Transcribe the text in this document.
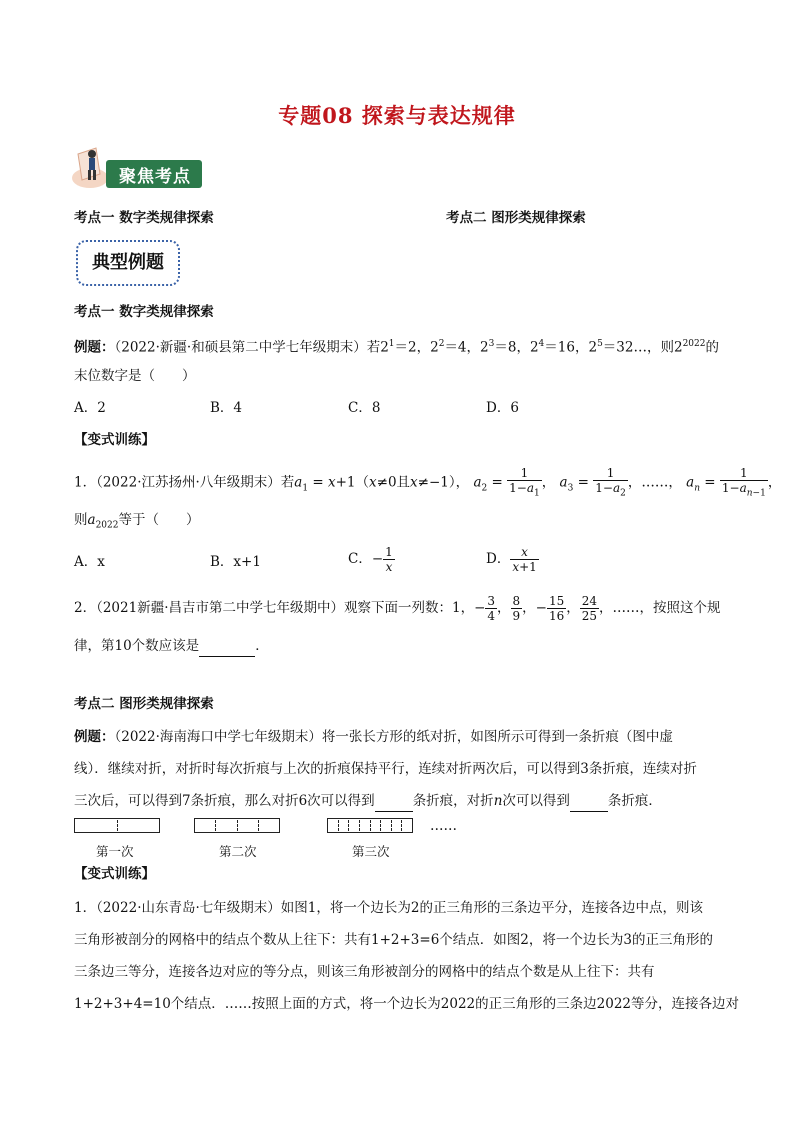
专题08 探索与表达规律
聚焦考点
考点一 数字类规律探索	考点二 图形类规律探索
典型例题
考点一 数字类规律探索
例题：（2022·新疆·和硕县第二中学七年级期末）若$2^1=2$，$2^2=4$，$2^3=8$，$2^4=16$，$2^5=32\dots$，则$2^{2022}$的
末位数字是（　　）
A．2	B．4	C．8	D．6
【变式训练】
1．（2022·江苏扬州·八年级期末）若$a_1 = x+1(x\ne 0$且x≠−1）， $a_2 = \frac{1}{1-a_1}$ ， $a_3 = \frac{1}{1-a_2}$ ，……， $a_n = \frac{1}{1-a_{n-1}}$ ，
则$a_{2022}$等于（　　）
A．x	B．x+1	C．− $\frac{1}{x}$	D． $\frac{x}{x+1}$
2．（2021新疆·昌吉市第二中学七年级期中）观察下面一列数：1，− $\frac{3}{4}$ ， $\frac{8}{9}$ ，− $\frac{15}{16}$ ， $\frac{24}{25}$ ，……，按照这个规
律，第10个数应该是	．
考点二 图形类规律探索
例题：（2022·海南海口中学七年级期末）将一张长方形的纸对折，如图所示可得到一条折痕（图中虚
线）．继续对折，对折时每次折痕与上次的折痕保持平行，连续对折两次后，可以得到3条折痕，连续对折
三次后，可以得到7条折痕，那么对折6次可以得到	条折痕，对折n次可以得到	条折痕．
……
第一次	第二次	第三次
【变式训练】
1．（2022·山东青岛·七年级期末）如图1，将一个边长为2的正三角形的三条边平分，连接各边中点，则该
三角形被剖分的网格中的结点个数从上往下：共有1+2+3=6个结点．如图2，将一个边长为3的正三角形的
三条边三等分，连接各边对应的等分点，则该三角形被剖分的网格中的结点个数是从上往下：共有
1+2+3+4=10个结点．……按照上面的方式，将一个边长为2022的正三角形的三条边2022等分，连接各边对
